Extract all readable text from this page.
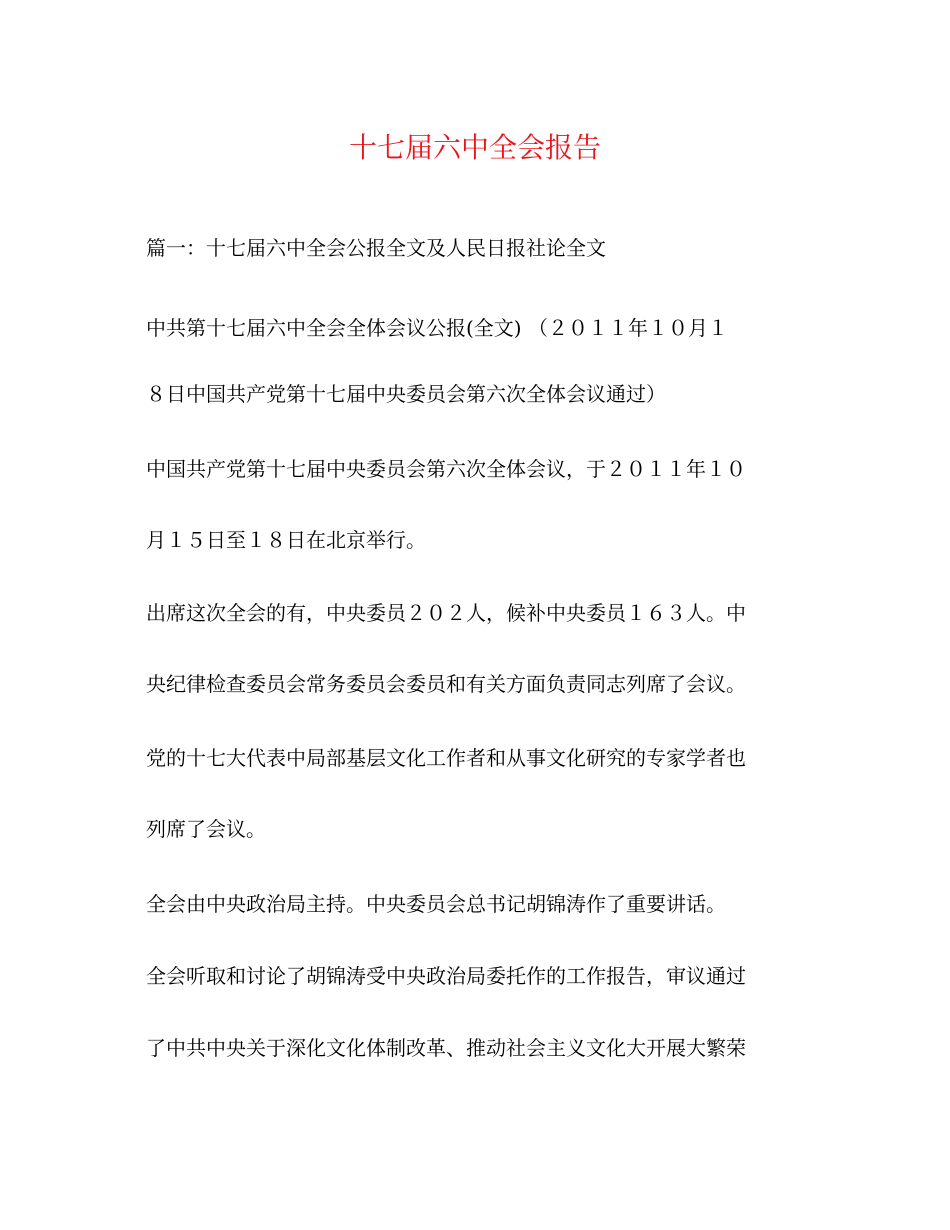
十七届六中全会报告
篇一：十七届六中全会公报全文及人民日报社论全文
中共第十七届六中全会全体会议公报(全文) （２０１１年１０月１
８日中国共产党第十七届中央委员会第六次全体会议通过）
中国共产党第十七届中央委员会第六次全体会议，于２０１１年１０
月１５日至１８日在北京举行。
出席这次全会的有，中央委员２０２人，候补中央委员１６３人。中
央纪律检查委员会常务委员会委员和有关方面负责同志列席了会议。
党的十七大代表中局部基层文化工作者和从事文化研究的专家学者也
列席了会议。
全会由中央政治局主持。中央委员会总书记胡锦涛作了重要讲话。
全会听取和讨论了胡锦涛受中央政治局委托作的工作报告，审议通过
了中共中央关于深化文化体制改革、推动社会主义文化大开展大繁荣
